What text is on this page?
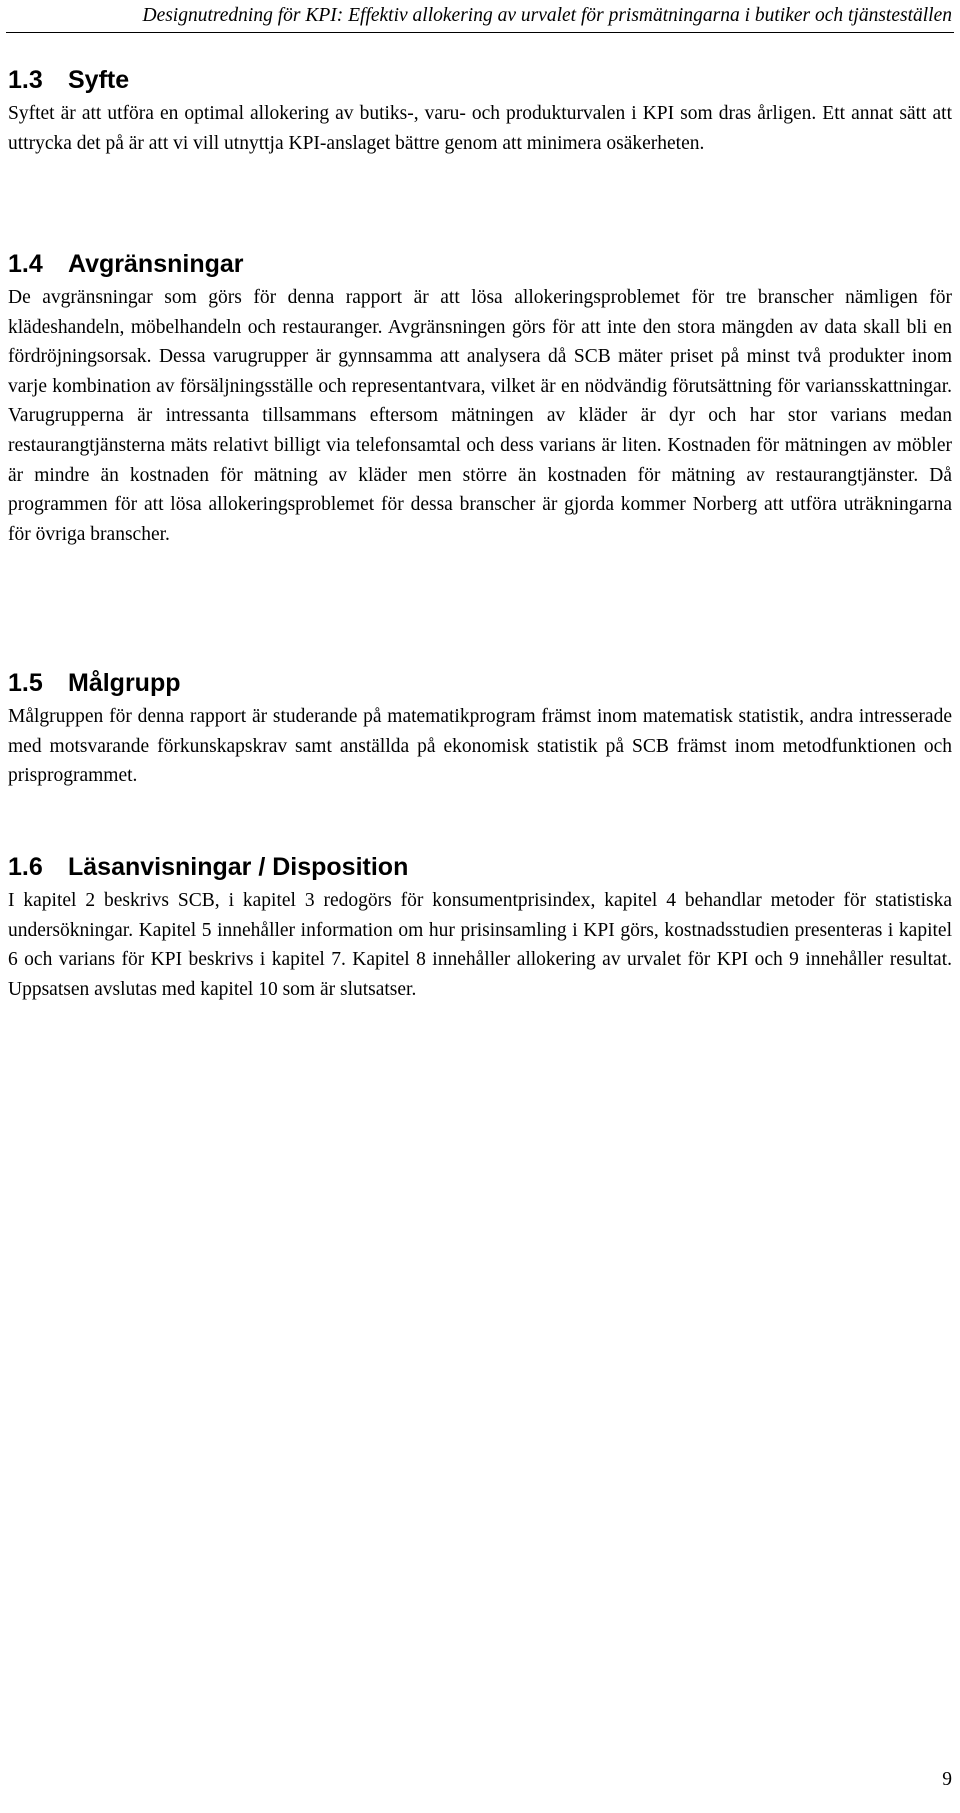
Designutredning för KPI: Effektiv allokering av urvalet för prismätningarna i butiker och tjänsteställen
1.3 Syfte

Syftet är att utföra en optimal allokering av butiks-, varu- och produkturvalen i KPI som dras årligen. Ett annat sätt att uttrycka det på är att vi vill utnyttja KPI-anslaget bättre genom att minimera osäkerheten.

1.4 Avgränsningar

De avgränsningar som görs för denna rapport är att lösa allokeringsproblemet för tre branscher nämligen för klädeshandeln, möbelhandeln och restauranger. Avgränsningen görs för att inte den stora mängden av data skall bli en fördröjningsorsak. Dessa varugrupper är gynnsamma att analysera då SCB mäter priset på minst två produkter inom varje kombination av försäljningsställe och representantvara, vilket är en nödvändig förutsättning för variansskattningar. Varugrupperna är intressanta tillsammans eftersom mätningen av kläder är dyr och har stor varians medan restaurangtjänsterna mäts relativt billigt via telefonsamtal och dess varians är liten. Kostnaden för mätningen av möbler är mindre än kostnaden för mätning av kläder men större än kostnaden för mätning av restaurangtjänster. Då programmen för att lösa allokeringsproblemet för dessa branscher är gjorda kommer Norberg att utföra uträkningarna för övriga branscher.

1.5 Målgrupp

Målgruppen för denna rapport är studerande på matematikprogram främst inom matematisk statistik, andra intresserade med motsvarande förkunskapskrav samt anställda på ekonomisk statistik på SCB främst inom metodfunktionen och prisprogrammet.

1.6 Läsanvisningar / Disposition

I kapitel 2 beskrivs SCB, i kapitel 3 redogörs för konsumentprisindex, kapitel 4 behandlar metoder för statistiska undersökningar. Kapitel 5 innehåller information om hur prisinsamling i KPI görs, kostnadsstudien presenteras i kapitel 6 och varians för KPI beskrivs i kapitel 7. Kapitel 8 innehåller allokering av urvalet för KPI och 9 innehåller resultat. Uppsatsen avslutas med kapitel 10 som är slutsatser.

9
